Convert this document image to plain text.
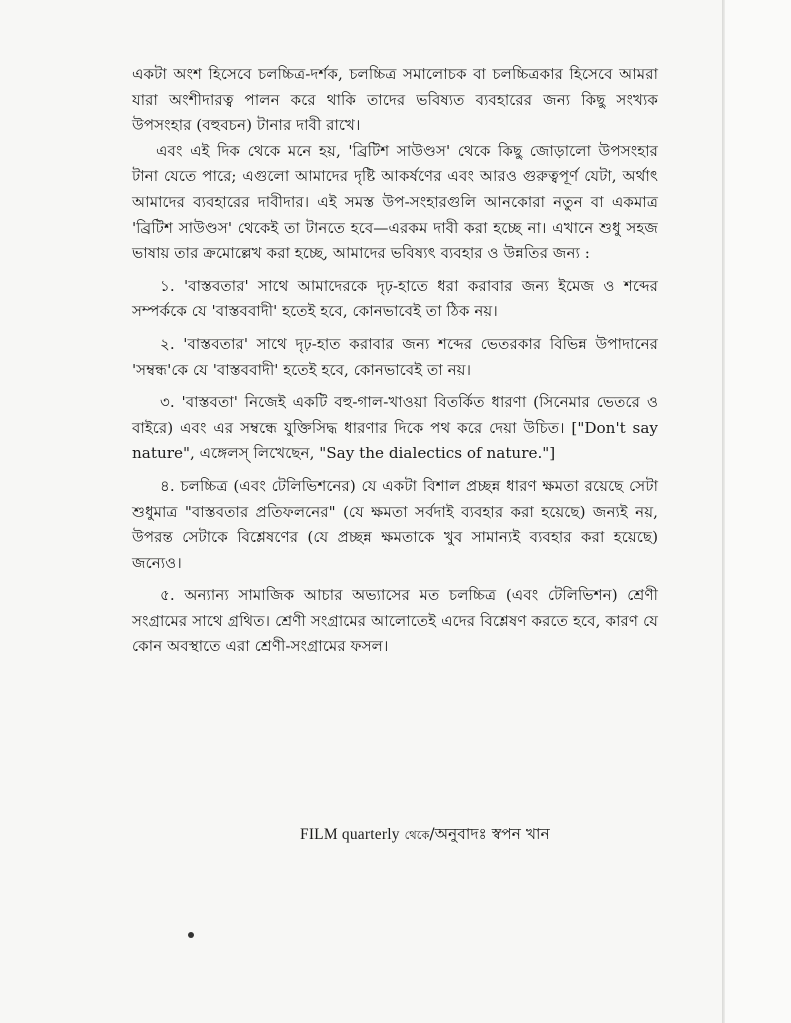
একটা অংশ হিসেবে চলচ্চিত্র-দর্শক, চলচ্চিত্র সমালোচক বা চলচ্চিত্রকার হিসেবে আমরা যারা অংশীদারত্ব পালন করে থাকি তাদের ভবিষ্যত ব্যবহারের জন্য কিছু সংখ্যক উপসংহার (বহুবচন) টানার দাবী রাখে।

এবং এই দিক থেকে মনে হয়, 'ব্রিটিশ সাউণ্ডস' থেকে কিছু জোড়ালো উপসংহার টানা যেতে পারে; এগুলো আমাদের দৃষ্টি আকর্ষণের এবং আরও গুরুত্বপূর্ণ যেটা, অর্থাৎ আমাদের ব্যবহারের দাবীদার। এই সমস্ত উপ-সংহারগুলি আনকোরা নতুন বা একমাত্র 'ব্রিটিশ সাউণ্ডস' থেকেই তা টানতে হবে—এরকম দাবী করা হচ্ছে না। এখানে শুধু সহজ ভাষায় তার ক্রমোল্লেখ করা হচ্ছে, আমাদের ভবিষ্যৎ ব্যবহার ও উন্নতির জন্য :

১. 'বাস্তবতার' সাথে আমাদেরকে দৃঢ়-হাতে ধরা করাবার জন্য ইমেজ ও শব্দের সম্পর্ককে যে 'বাস্তববাদী' হতেই হবে, কোনভাবেই তা ঠিক নয়।

২. 'বাস্তবতার' সাথে দৃঢ়-হাত করাবার জন্য শব্দের ভেতরকার বিভিন্ন উপাদানের 'সম্বন্ধ'কে যে 'বাস্তববাদী' হতেই হবে, কোনভাবেই তা নয়।

৩. 'বাস্তবতা' নিজেই একটি বহু-গাল-খাওয়া বিতর্কিত ধারণা (সিনেমার ভেতরে ও বাইরে) এবং এর সম্বন্ধে যুক্তিসিদ্ধ ধারণার দিকে পথ করে দেয়া উচিত। ["Don't say nature", এঙ্গেলস্ লিখেছেন, "Say the dialectics of nature."]

৪. চলচ্চিত্র (এবং টেলিভিশনের) যে একটা বিশাল প্রচ্ছন্ন ধারণ ক্ষমতা রয়েছে সেটা শুধুমাত্র "বাস্তবতার প্রতিফলনের" (যে ক্ষমতা সর্বদাই ব্যবহার করা হয়েছে) জন্যই নয়, উপরন্ত সেটাকে বিশ্লেষণের (যে প্রচ্ছন্ন ক্ষমতাকে খুব সামান্যই ব্যবহার করা হয়েছে) জন্যেও।

৫. অন্যান্য সামাজিক আচার অভ্যাসের মত চলচ্চিত্র (এবং টেলিভিশন) শ্রেণী সংগ্রামের সাথে গ্রথিত। শ্রেণী সংগ্রামের আলোতেই এদের বিশ্লেষণ করতে হবে, কারণ যে কোন অবস্থাতে এরা শ্রেণী-সংগ্রামের ফসল।

FILM quarterly থেকে/অনুবাদঃ স্বপন খান
